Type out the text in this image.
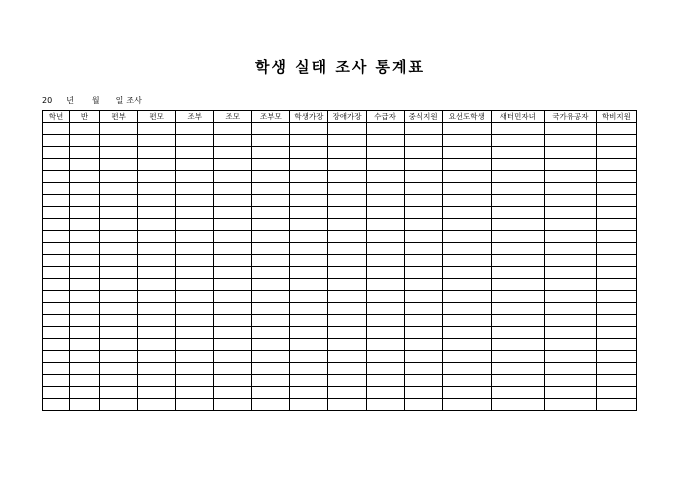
학생 실태 조사 통계표
20 년 월 일 조사
학년	반	편부	편모	조부	조모	조부모	학생가장	장애가장	수급자	중식지원	요선도학생	새터민자녀	국가유공자	학비지원
